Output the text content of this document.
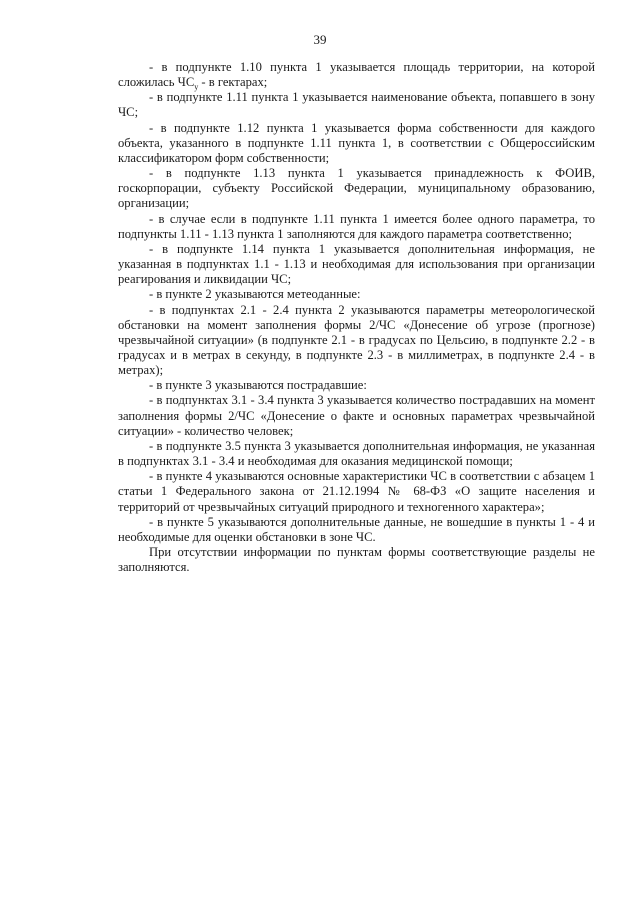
39

- в подпункте 1.10 пункта 1 указывается площадь территории, на которой сложилась $ЧС_у$ - в гектарах;

- в подпункте 1.11 пункта 1 указывается наименование объекта, попавшего в зону ЧС;

- в подпункте 1.12 пункта 1 указывается форма собственности для каждого объекта, указанного в подпункте 1.11 пункта 1, в соответствии с Общероссийским классификатором форм собственности;

- в подпункте 1.13 пункта 1 указывается принадлежность к ФОИВ, госкорпорации, субъекту Российской Федерации, муниципальному образованию, организации;

- в случае если в подпункте 1.11 пункта 1 имеется более одного параметра, то подпункты 1.11 - 1.13 пункта 1 заполняются для каждого параметра соответственно;

- в подпункте 1.14 пункта 1 указывается дополнительная информация, не указанная в подпунктах 1.1 - 1.13 и необходимая для использования при организации реагирования и ликвидации ЧС;

- в пункте 2 указываются метеоданные:

- в подпунктах 2.1 - 2.4 пункта 2 указываются параметры метеорологической обстановки на момент заполнения формы 2/ЧС «Донесение об угрозе (прогнозе) чрезвычайной ситуации» (в подпункте 2.1 - в градусах по Цельсию, в подпункте 2.2 - в градусах и в метрах в секунду, в подпункте 2.3 - в миллиметрах, в подпункте 2.4 - в метрах);

- в пункте 3 указываются пострадавшие:

- в подпунктах 3.1 - 3.4 пункта 3 указывается количество пострадавших на момент заполнения формы 2/ЧС «Донесение о факте и основных параметрах чрезвычайной ситуации» - количество человек;

- в подпункте 3.5 пункта 3 указывается дополнительная информация, не указанная в подпунктах 3.1 - 3.4 и необходимая для оказания медицинской помощи;

- в пункте 4 указываются основные характеристики ЧС в соответствии с абзацем 1 статьи 1 Федерального закона от 21.12.1994 № 68-ФЗ «О защите населения и территорий от чрезвычайных ситуаций природного и техногенного характера»;

- в пункте 5 указываются дополнительные данные, не вошедшие в пункты 1 - 4 и необходимые для оценки обстановки в зоне ЧС.

При отсутствии информации по пунктам формы соответствующие разделы не заполняются.
